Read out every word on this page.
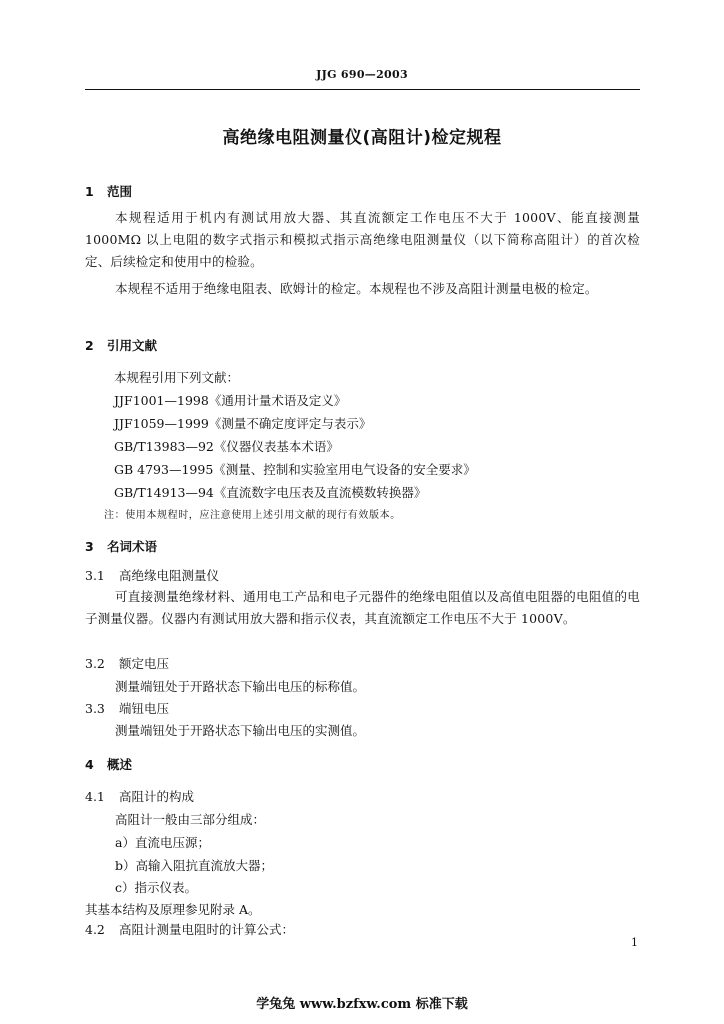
JJG 690—2003
高绝缘电阻测量仪(高阻计)检定规程
1 范围
本规程适用于机内有测试用放大器、其直流额定工作电压不大于 1000V、能直接测量 1000MΩ 以上电阻的数字式指示和模拟式指示高绝缘电阻测量仪（以下简称高阻计）的首次检定、后续检定和使用中的检验。
本规程不适用于绝缘电阻表、欧姆计的检定。本规程也不涉及高阻计测量电极的检定。
2 引用文献
本规程引用下列文献：
JJF1001—1998《通用计量术语及定义》
JJF1059—1999《测量不确定度评定与表示》
GB/T13983—92《仪器仪表基本术语》
GB 4793—1995《测量、控制和实验室用电气设备的安全要求》
GB/T14913—94《直流数字电压表及直流模数转换器》
注：使用本规程时，应注意使用上述引用文献的现行有效版本。
3 名词术语
3.1 高绝缘电阻测量仪
可直接测量绝缘材料、通用电工产品和电子元器件的绝缘电阻值以及高值电阻器的电阻值的电子测量仪器。仪器内有测试用放大器和指示仪表，其直流额定工作电压不大于 1000V。
3.2 额定电压
测量端钮处于开路状态下输出电压的标称值。
3.3 端钮电压
测量端钮处于开路状态下输出电压的实测值。
4 概述
4.1 高阻计的构成
高阻计一般由三部分组成：
a）直流电压源；
b）高输入阻抗直流放大器；
c）指示仪表。
其基本结构及原理参见附录 A。
4.2 高阻计测量电阻时的计算公式：
1
学兔兔 www.bzfxw.com 标准下载
